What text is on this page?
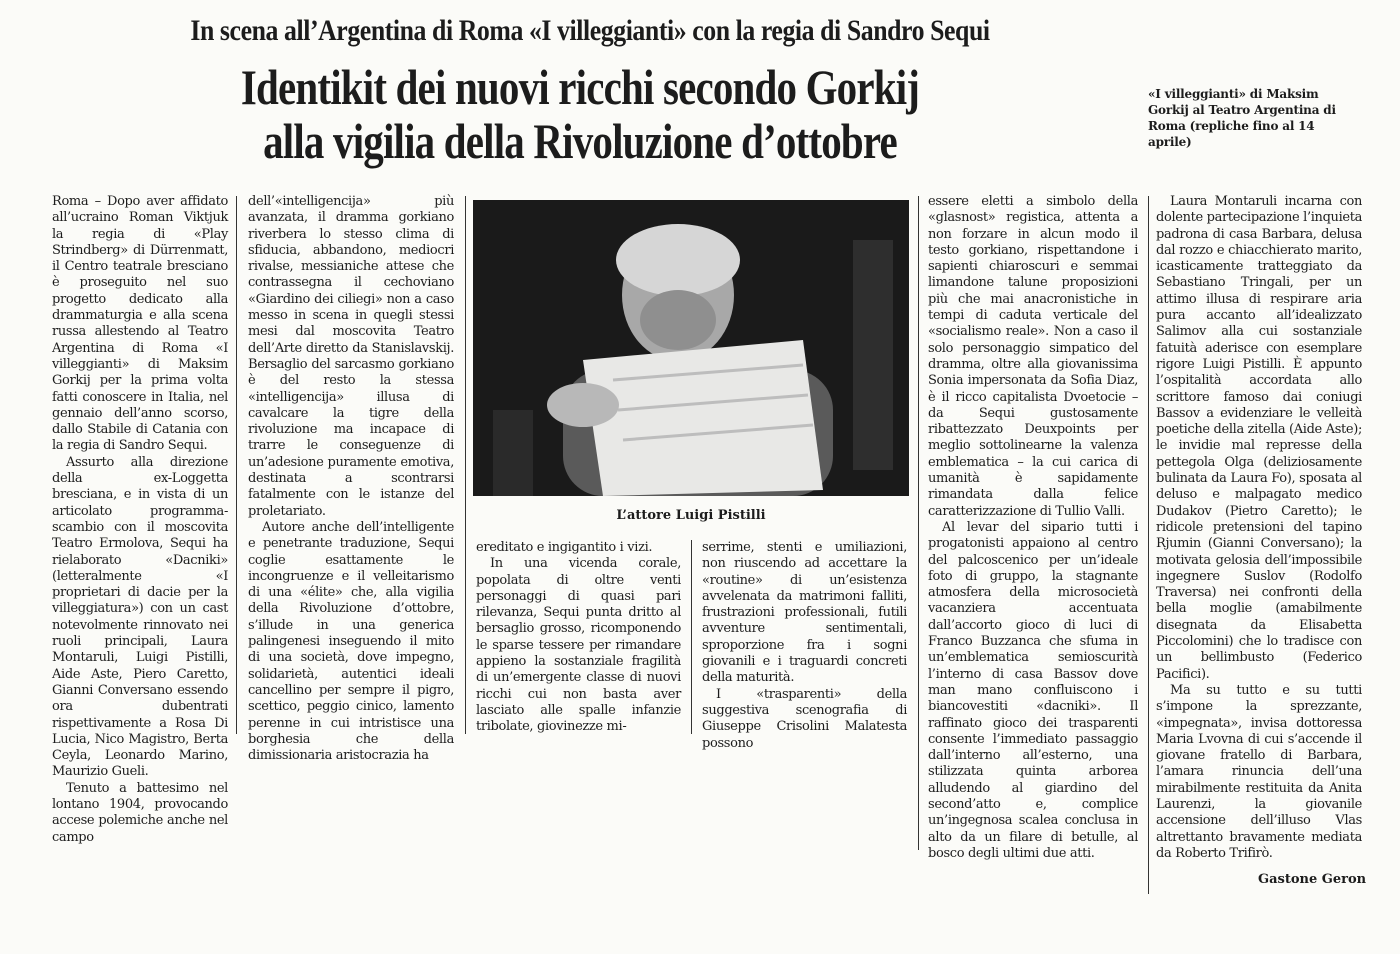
In scena all’Argentina di Roma «I villeggianti» con la regia di Sandro Sequi
Identikit dei nuovi ricchi secondo Gorkij
alla vigilia della Rivoluzione d’ottobre
«I villeggianti» di Maksim Gorkij al Teatro Argentina di Roma (repliche fino al 14 aprile)

Roma – Dopo aver affidato all’ucraino Roman Viktjuk la regia di «Play Strindberg» di Dürrenmatt, il Centro teatrale bresciano è proseguito nel suo progetto dedicato alla drammaturgia e alla scena russa allestendo al Teatro Argentina di Roma «I villeggianti» di Maksim Gorkij per la prima volta fatti conoscere in Italia, nel gennaio dell’anno scorso, dallo Stabile di Catania con la regia di Sandro Sequi.

Assurto alla direzione della ex-Loggetta bresciana, e in vista di un articolato programma-scambio con il moscovita Teatro Ermolova, Sequi ha rielaborato «Dacniki» (letteralmente «I proprietari di dacie per la villeggiatura») con un cast notevolmente rinnovato nei ruoli principali, Laura Montaruli, Luigi Pistilli, Aide Aste, Piero Caretto, Gianni Conversano essendo ora dubentrati rispettivamente a Rosa Di Lucia, Nico Magistro, Berta Ceyla, Leonardo Marino, Maurizio Gueli.

Tenuto a battesimo nel lontano 1904, provocando accese polemiche anche nel campo

dell’«intelligencija» più avanzata, il dramma gorkiano riverbera lo stesso clima di sfiducia, abbandono, mediocri rivalse, messianiche attese che contrassegna il cechoviano «Giardino dei ciliegi» non a caso messo in scena in quegli stessi mesi dal moscovita Teatro dell’Arte diretto da Stanislavskij. Bersaglio del sarcasmo gorkiano è del resto la stessa «intelligencija» illusa di cavalcare la tigre della rivoluzione ma incapace di trarre le conseguenze di un’adesione puramente emotiva, destinata a scontrarsi fatalmente con le istanze del proletariato.

Autore anche dell’intelligente e penetrante traduzione, Sequi coglie esattamente le incongruenze e il velleitarismo di una «élite» che, alla vigilia della Rivoluzione d’ottobre, s’illude in una generica palingenesi inseguendo il mito di una società, dove impegno, solidarietà, autentici ideali cancellino per sempre il pigro, scettico, peggio cinico, lamento perenne in cui intristisce una borghesia che della dimissionaria aristocrazia ha

L’attore Luigi Pistilli

ereditato e ingigantito i vizi.

In una vicenda corale, popolata di oltre venti personaggi di quasi pari rilevanza, Sequi punta dritto al bersaglio grosso, ricomponendo le sparse tessere per rimandare appieno la sostanziale fragilità di un’emergente classe di nuovi ricchi cui non basta aver lasciato alle spalle infanzie tribolate, giovinezze mi-

serrime, stenti e umiliazioni, non riuscendo ad accettare la «routine» di un’esistenza avvelenata da matrimoni falliti, frustrazioni professionali, futili avventure sentimentali, sproporzione fra i sogni giovanili e i traguardi concreti della maturità.

I «trasparenti» della suggestiva scenografia di Giuseppe Crisolini Malatesta possono

essere eletti a simbolo della «glasnost» registica, attenta a non forzare in alcun modo il testo gorkiano, rispettandone i sapienti chiaroscuri e semmai limandone talune proposizioni più che mai anacronistiche in tempi di caduta verticale del «socialismo reale». Non a caso il solo personaggio simpatico del dramma, oltre alla giovanissima Sonia impersonata da Sofia Diaz, è il ricco capitalista Dvoetocie – da Sequi gustosamente ribattezzato Deuxpoints per meglio sottolinearne la valenza emblematica – la cui carica di umanità è sapidamente rimandata dalla felice caratterizzazione di Tullio Valli.

Al levar del sipario tutti i progatonisti appaiono al centro del palcoscenico per un’ideale foto di gruppo, la stagnante atmosfera della microsocietà vacanziera accentuata dall’accorto gioco di luci di Franco Buzzanca che sfuma in un’emblematica semioscurità l’interno di casa Bassov dove man mano confluiscono i biancovestiti «dacniki». Il raffinato gioco dei trasparenti consente l’immediato passaggio dall’interno all’esterno, una stilizzata quinta arborea alludendo al giardino del second’atto e, complice un’ingegnosa scalea conclusa in alto da un filare di betulle, al bosco degli ultimi due atti.

Laura Montaruli incarna con dolente partecipazione l’inquieta padrona di casa Barbara, delusa dal rozzo e chiacchierato marito, icasticamente tratteggiato da Sebastiano Tringali, per un attimo illusa di respirare aria pura accanto all’idealizzato Salimov alla cui sostanziale fatuità aderisce con esemplare rigore Luigi Pistilli. È appunto l’ospitalità accordata allo scrittore famoso dai coniugi Bassov a evidenziare le velleità poetiche della zitella (Aide Aste); le invidie mal represse della pettegola Olga (deliziosamente bulinata da Laura Fo), sposata al deluso e malpagato medico Dudakov (Pietro Caretto); le ridicole pretensioni del tapino Rjumin (Gianni Conversano); la motivata gelosia dell’impossibile ingegnere Suslov (Rodolfo Traversa) nei confronti della bella moglie (amabilmente disegnata da Elisabetta Piccolomini) che lo tradisce con un bellimbusto (Federico Pacifici).

Ma su tutto e su tutti s’impone la sprezzante, «impegnata», invisa dottoressa Maria Lvovna di cui s’accende il giovane fratello di Barbara, l’amara rinuncia dell’una mirabilmente restituita da Anita Laurenzi, la giovanile accensione dell’illuso Vlas altrettanto bravamente mediata da Roberto Trifirò.

Gastone Geron
